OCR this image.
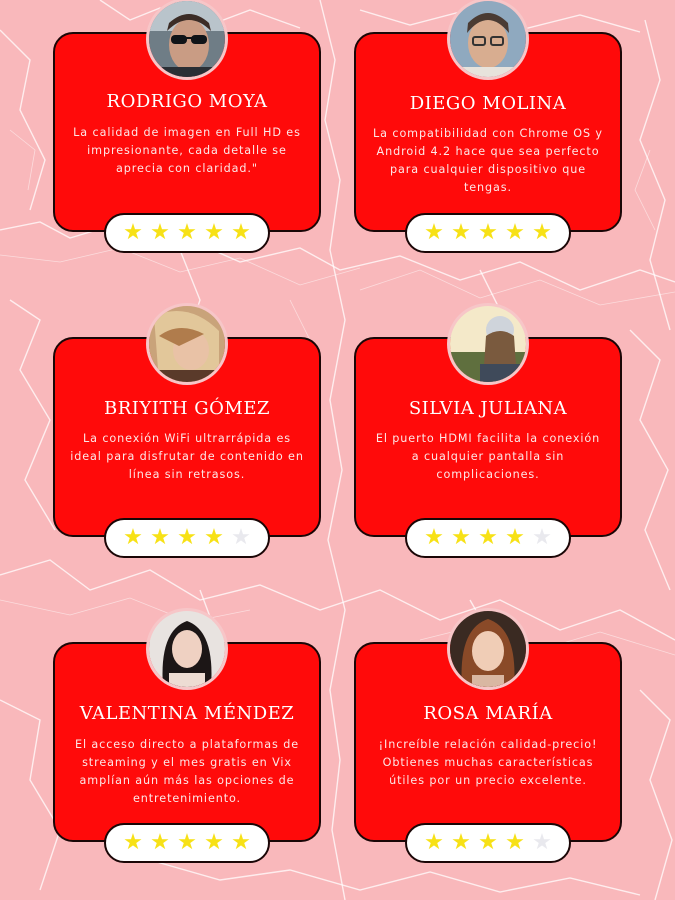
RODRIGO MOYA
La calidad de imagen en Full HD es impresionante, cada detalle se aprecia con claridad."
★ ★ ★ ★ ★
DIEGO MOLINA
La compatibilidad con Chrome OS y Android 4.2 hace que sea perfecto para cualquier dispositivo que tengas.
★ ★ ★ ★ ★
BRIYITH GÓMEZ
La conexión WiFi ultrarrápida es ideal para disfrutar de contenido en línea sin retrasos.
★ ★ ★ ★ ★
SILVIA JULIANA
El puerto HDMI facilita la conexión a cualquier pantalla sin complicaciones.
★ ★ ★ ★ ★
VALENTINA MÉNDEZ
El acceso directo a plataformas de streaming y el mes gratis en Vix amplían aún más las opciones de entretenimiento.
★ ★ ★ ★ ★
ROSA MARÍA
¡Increíble relación calidad-precio! Obtienes muchas características útiles por un precio excelente.
★ ★ ★ ★ ★
